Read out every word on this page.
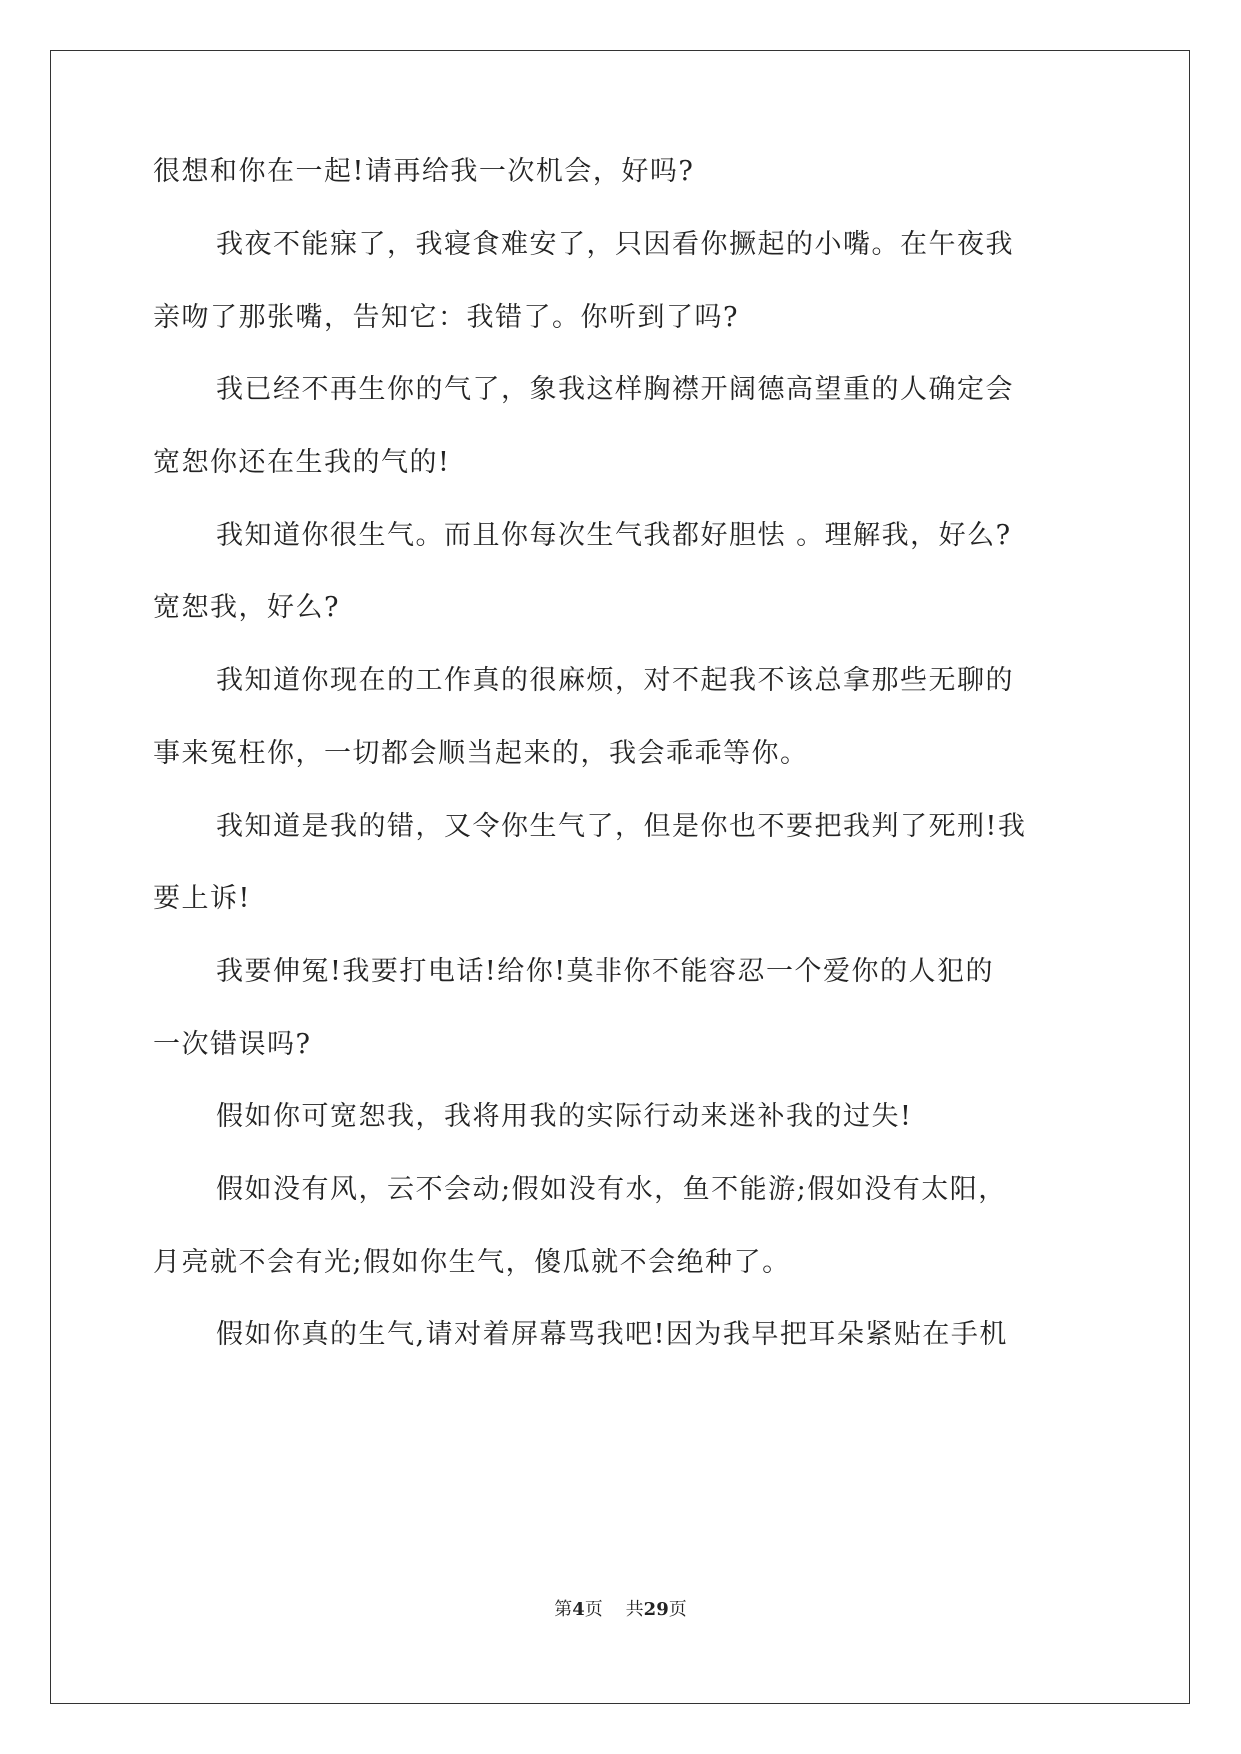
很想和你在一起!请再给我一次机会，好吗?
我夜不能寐了，我寝食难安了，只因看你撅起的小嘴。在午夜我
亲吻了那张嘴，告知它：我错了。你听到了吗?
我已经不再生你的气了，象我这样胸襟开阔德高望重的人确定会
宽恕你还在生我的气的!
我知道你很生气。而且你每次生气我都好胆怯 。理解我，好么?
宽恕我，好么?
我知道你现在的工作真的很麻烦，对不起我不该总拿那些无聊的
事来冤枉你，一切都会顺当起来的，我会乖乖等你。
我知道是我的错，又令你生气了，但是你也不要把我判了死刑!我
要上诉!
我要伸冤!我要打电话!给你!莫非你不能容忍一个爱你的人犯的
一次错误吗?
假如你可宽恕我，我将用我的实际行动来迷补我的过失!
假如没有风，云不会动;假如没有水，鱼不能游;假如没有太阳，
月亮就不会有光;假如你生气，傻瓜就不会绝种了。
假如你真的生气,请对着屏幕骂我吧!因为我早把耳朵紧贴在手机
第4页 共29页
